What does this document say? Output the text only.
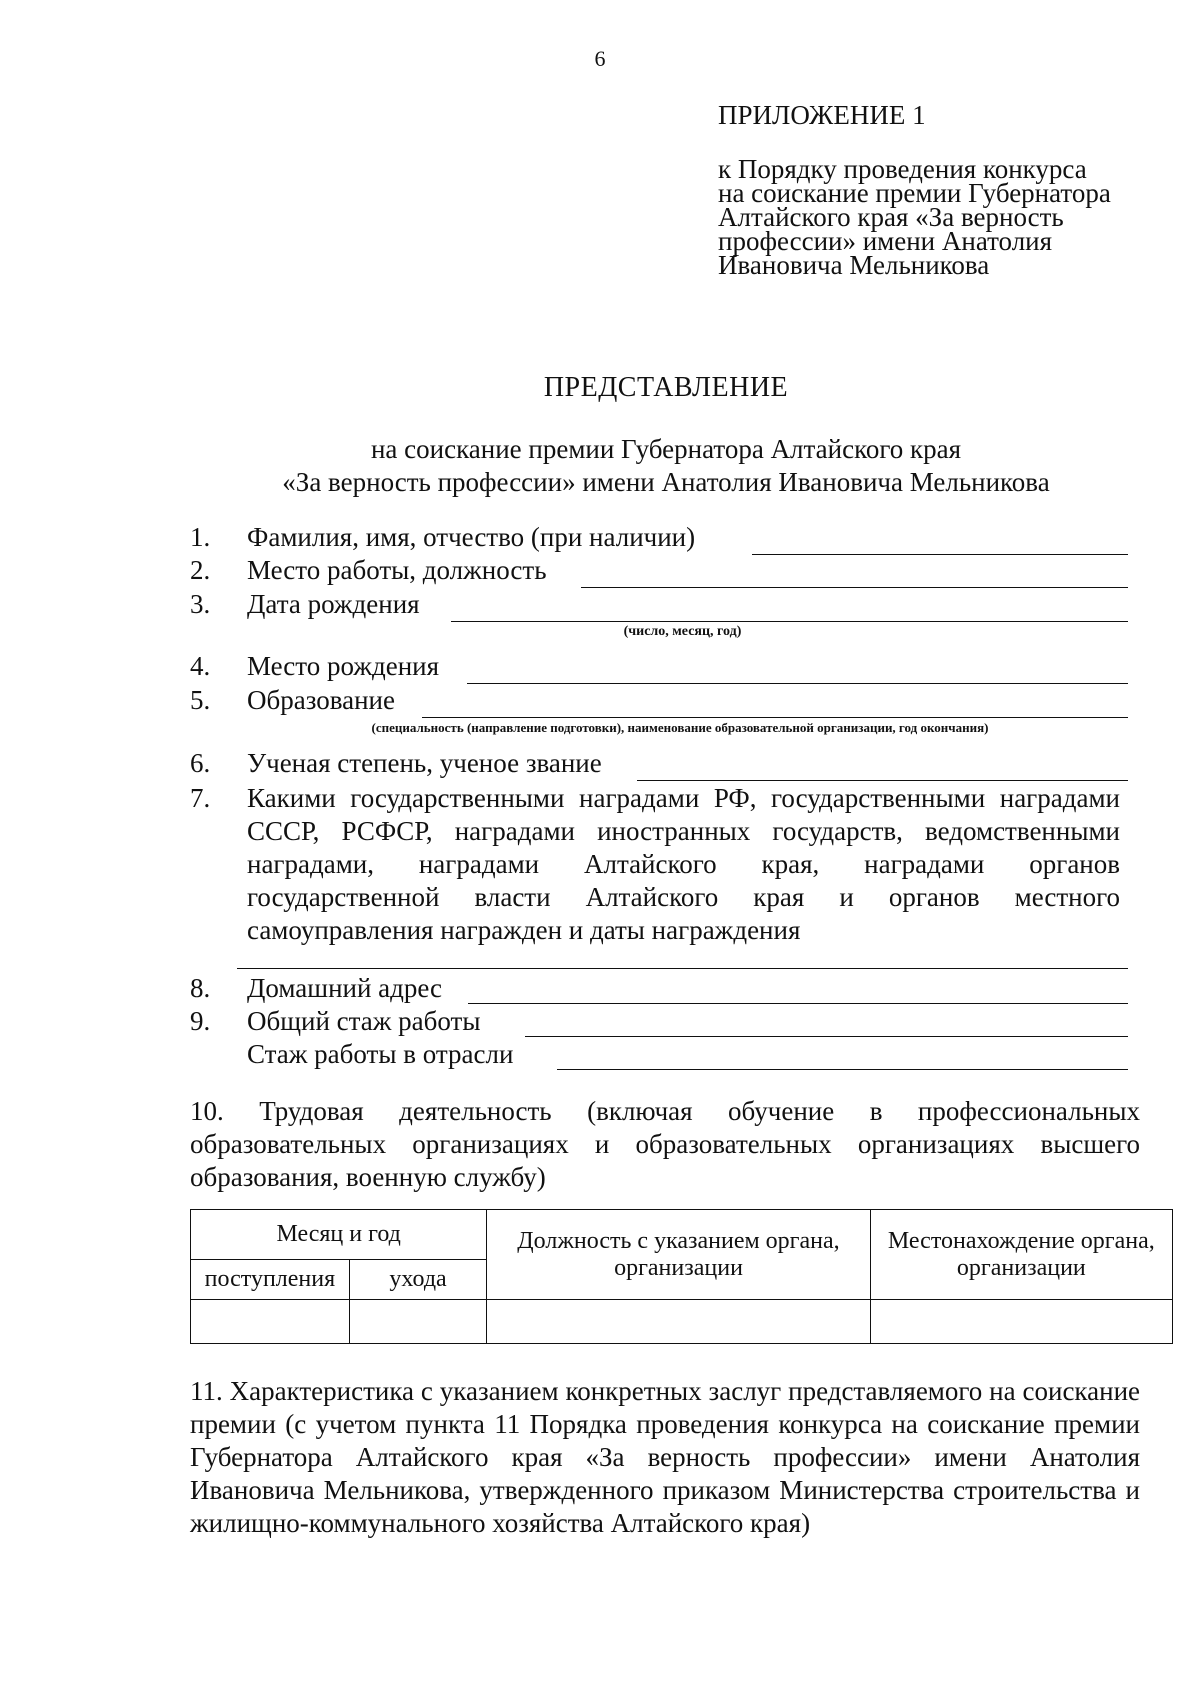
6
ПРИЛОЖЕНИЕ 1
к Порядку проведения конкурса
на соискание премии Губернатора
Алтайского края «За верность
профессии» имени Анатолия
Ивановича Мельникова
ПРЕДСТАВЛЕНИЕ
на соискание премии Губернатора Алтайского края
«За верность профессии» имени Анатолия Ивановича Мельникова
1.	Фамилия, имя, отчество (при наличии)
2.	Место работы, должность
3.	Дата рождения
(число, месяц, год)
4.	Место рождения
5.	Образование
(специальность (направление подготовки), наименование образовательной организации, год окончания)
6.	Ученая степень, ученое звание
7. Какими государственными наградами РФ, государственными наградами СССР, РСФСР, наградами иностранных государств, ведомственными наградами, наградами Алтайского края, наградами органов государственной власти Алтайского края и органов местного самоуправления награжден и даты награждения
8.	Домашний адрес
9.	Общий стаж работы
Стаж работы в отрасли
10. Трудовая деятельность (включая обучение в профессиональных образовательных организациях и образовательных организациях высшего образования, военную службу)
Месяц и год		Должность с указанием органа, организации	Местонахождение органа, организации
поступления	ухода		

11. Характеристика с указанием конкретных заслуг представляемого на соискание премии (с учетом пункта 11 Порядка проведения конкурса на соискание премии Губернатора Алтайского края «За верность профессии» имени Анатолия Ивановича Мельникова, утвержденного приказом Министерства строительства и жилищно-коммунального хозяйства Алтайского края)
